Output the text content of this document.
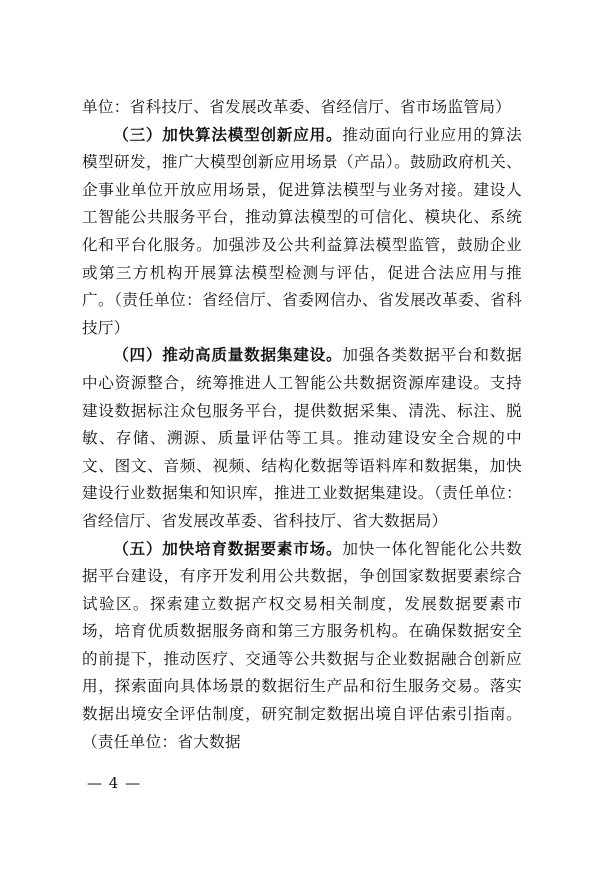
单位：省科技厅、省发展改革委、省经信厅、省市场监管局）

（三）加快算法模型创新应用。推动面向行业应用的算法模型研发，推广大模型创新应用场景（产品）。鼓励政府机关、企事业单位开放应用场景，促进算法模型与业务对接。建设人工智能公共服务平台，推动算法模型的可信化、模块化、系统化和平台化服务。加强涉及公共利益算法模型监管，鼓励企业或第三方机构开展算法模型检测与评估，促进合法应用与推广。（责任单位：省经信厅、省委网信办、省发展改革委、省科技厅）

（四）推动高质量数据集建设。加强各类数据平台和数据中心资源整合，统筹推进人工智能公共数据资源库建设。支持建设数据标注众包服务平台，提供数据采集、清洗、标注、脱敏、存储、溯源、质量评估等工具。推动建设安全合规的中文、图文、音频、视频、结构化数据等语料库和数据集，加快建设行业数据集和知识库，推进工业数据集建设。（责任单位：省经信厅、省发展改革委、省科技厅、省大数据局）

（五）加快培育数据要素市场。加快一体化智能化公共数据平台建设，有序开发利用公共数据，争创国家数据要素综合试验区。探索建立数据产权交易相关制度，发展数据要素市场，培育优质数据服务商和第三方服务机构。在确保数据安全的前提下，推动医疗、交通等公共数据与企业数据融合创新应用，探索面向具体场景的数据衍生产品和衍生服务交易。落实数据出境安全评估制度，研究制定数据出境自评估索引指南。（责任单位：省大数据

— 4 —
